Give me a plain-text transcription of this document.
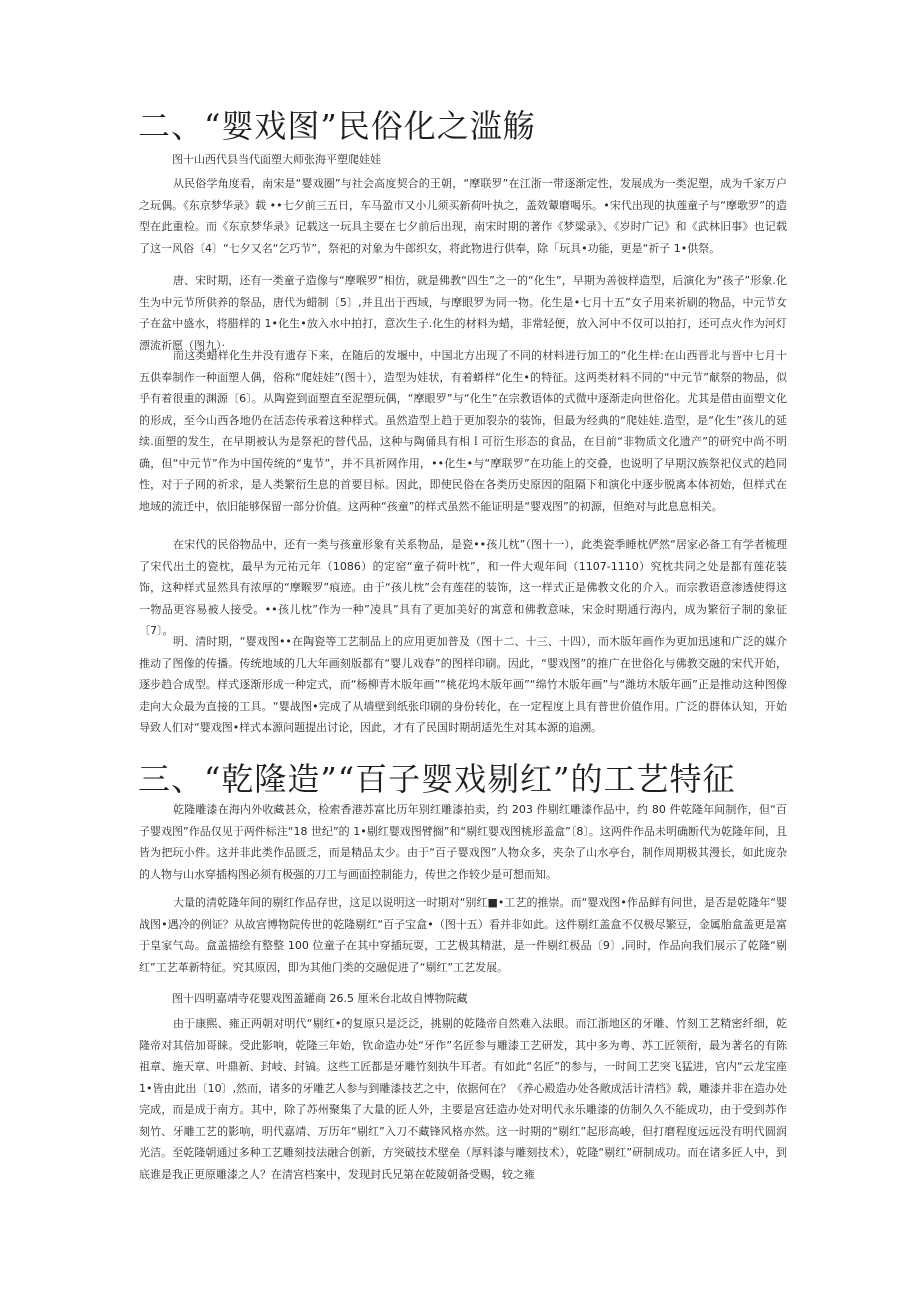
二、“婴戏图”民俗化之滥觞

图十山西代县当代面塑大师张海平塑爬娃娃

从民俗学角度看，南宋是“婴戏圈”与社会高度契合的王朝，“摩联罗”在江浙一带逐渐定性，发展成为一类泥塑，成为千家万户之玩偶。《东京梦华录》载 ••七夕前三五日，车马盈市又小儿须买新荷叶执之，盖效颦磨喝乐。•宋代出现的执莲童子与“摩歌罗”的造型在此重检。而《东京梦华录》记载这一玩具主要在七夕前后出现，南宋时期的著作《梦粱录》、《岁时广记》和《武林旧事》也记载了这一风俗〔4〕“七夕又名“乞巧节”，祭祀的对象为牛郎织女，将此物进行供奉，除「玩具•功能，更是“祈子 1•供祭。

唐、宋时期，还有一类童子造像与“摩喉罗”相仿，就是佛教“四生”之一的“化生”，早期为善彼样造型，后演化为“孩子”形象.化生为中元节所供养的祭品，唐代为蜡制〔5〕,并且出于西域，与摩眼罗为同一物。化生是•七月十五”女子用来祈刷的物品，中元节女子在盆中盛水，将腊样的 1•化生•放入水中拍打，意次生子.化生的材料为蜡，非常轻便，放入河中不仅可以拍打，还可点火作为河灯漂流祈愿（图九）·

而这类蜡样化生并没有遗存下来，在随后的发堰中，中国北方出现了不同的材料进行加工的“化生样:在山西晋北与晋中七月十五供奉制作一种面塑人偶，俗称“爬娃娃”(图十），造型为娃状，有着蟒样“化生•的特征。这两类材料不同的“中元节”献祭的物品，似乎有着很重的渊源〔6〕。从陶瓷到面塑直至泥塑玩偶，“摩眼罗”与“化生”在宗教语体的式微中逐渐走向世俗化。尤其是借由面塑文化的形成，至今山西各地仍在活态传承着这种样式。虽然造型上趋于更加裂杂的装饰，但最为经典的“爬娃娃.造型，是“化生”孩儿的延续.面塑的发生，在早期被认为是祭祀的替代品，这种与陶俑具有相Ｉ可衍生形态的食品，在目前“非物质文化遗产”的研究中尚不明确，但“中元节”作为中国传统的“鬼节”，并不具祈网作用，••化生•与“摩联罗”在功能上的交叠，也说明了早期汉族祭祀仪式的趋同性，对于子网的祈求，是人类繁衍生息的首要目标。因此，即使民俗在各类历史原因的阻隔下和演化中逐步脱离本体初始，但样式在地域的流迁中，依旧能够保留一部分价值。这两种“孩童”的样式虽然不能证明是“婴戏图”的初源，但绝对与此息息相关。

在宋代的民俗物品中，还有一类与孩童形象有关系物品，是瓷••孩儿枕”（图十一），此类瓷季睡枕俨然“居家必备工有学者梳理了宋代出土的瓷枕，最早为元祐元年（1086）的定窑“童子荷叶枕”，和一件大观年间（1107-1110）究枕共同之处是都有莲花装饰，这种样式显然具有浓厚的“摩睺罗”痕迹。由于“孩儿枕”会有莲荏的装饰，这一样式正是佛教文化的介入。而宗教语意渗透使得这一物品更容易被人接受。••孩儿枕”作为一种”凌具”具有了更加美好的寓意和佛教意味，宋金时期通行海内，成为繁衍子制的象征〔7〕。

明、清时期，“婴戏图••在陶瓷等工艺制品上的应用更加普及（图十二、十三、十四），而木版年画作为更加迅速和广泛的媒介推动了图像的传播。传统地域的几大年画刻版都有“婴儿戏春”的图样印刷。因此，“婴戏图”的推广在世俗化与佛教交融的宋代开始，逐步趋合成型。样式逐渐形成一种定式，而“杨柳青木版年画”“桃花坞木版年画”“绵竹木版年画”与“潍坊木版年画”正是推动这种图像走向大众最为直接的工具。“婴战图•完成了从墙壁到纸张印刷的身份转化，在一定程度上具有普世价值作用。广泛的群体认知，开始导致人们对“婴戏图•样式本源问题提出讨论，因此，才有了民国时期胡适先生对其本源的追溯。

三、“乾隆造”“百子婴戏剔红”的工艺特征

乾隆雕漆在海内外收藏甚众，检索香港苏富比历年别红雕漆拍卖，约 203 件剔红雕漆作品中，约 80 件乾隆年间制作，但“百子婴戏图”作品仅见于两件标注“18 世纪”的 1•剔红婴戏图臂搁”和“剔红婴戏图桃形盖盒”〔8〕。这两件作品未明确断代为乾隆年间，且皆为把玩小件。这并非此类作品匮乏，而是精品太少。由于“百子婴戏图”人物众多，夹杂了山水亭台，制作周期极其漫长，如此庞杂的人物与山水穿插构图必须有极强的刀工与画面控制能力，传世之作较少是可想而知。

大量的清乾隆年间的剔红作品存世，这足以说明这一时期对“别红■•工艺的推崇。而“婴戏图•作品鲜有问世，是否是乾隆年“婴战图•遇冷的例证？从故宫博物院传世的乾隆剔红“百子宝盒•（图十五）看并非如此。这件剔红盖盒不仅极尽繁豆，金属胎盒盖更是富于皇家气岛。盒盖描绘有整整 100 位童子在其中穿插玩耍，工艺极其精湛，是一件剔红极品〔9〕,同时，作品向我们展示了乾隆“剔红”工艺革新特征。究其原因，即为其他门类的交融促进了“剔红”工艺发展。

图十四明嘉靖寺花婴戏图盖罐商 26.5 厘米台北故自博物院藏

由于康熙、雍正两朝对明代“剔红•的复原只是泛泛，挑剔的乾隆帝自然难入法眼。而江浙地区的牙雕、竹刻工艺精密纤细，乾隆帝对其倍加哥睐。受此影响，乾隆三年始，钦命造办处“牙作”名匠参与雕漆工艺研发，其中多为粤、苏工匠领衔，最为著名的有陈祖章、施天章、叶鼎新、封岐、封镐。这些工匠都是牙雕竹刻执牛耳者。有如此“名匠”的参与，一时间工艺突飞猛进，官内“云龙宝座 1•皆由此出〔10〕,然而，诸多的牙雕艺人参与到雕漆技艺之中，依据何在？《养心殿造办处各敞成活计清档》载，雕漆并非在造办处完成，而是成于南方。其中，除了苏州聚集了大量的匠人外，主要是宫廷造办处对明代永乐雕漆的仿制久久不能成功，由于受到苏作刻竹、牙雕工艺的影响，明代嘉靖、万历年“剔红”入刀不藏锋风格亦然。这一时期的“剔红”起形高峻，但打磨程度远远没有明代圆润光洁。至乾隆朝通过多种工艺雕刻技法融合创新，方突破技术壁垒（厚料漆与雕刻技术），乾隆“剔红”研制成功。而在诸多匠人中，到底谁是我正更原雕漆之人？在清宫档案中，发现封氏兄第在乾陵朝备受赐，较之雍
